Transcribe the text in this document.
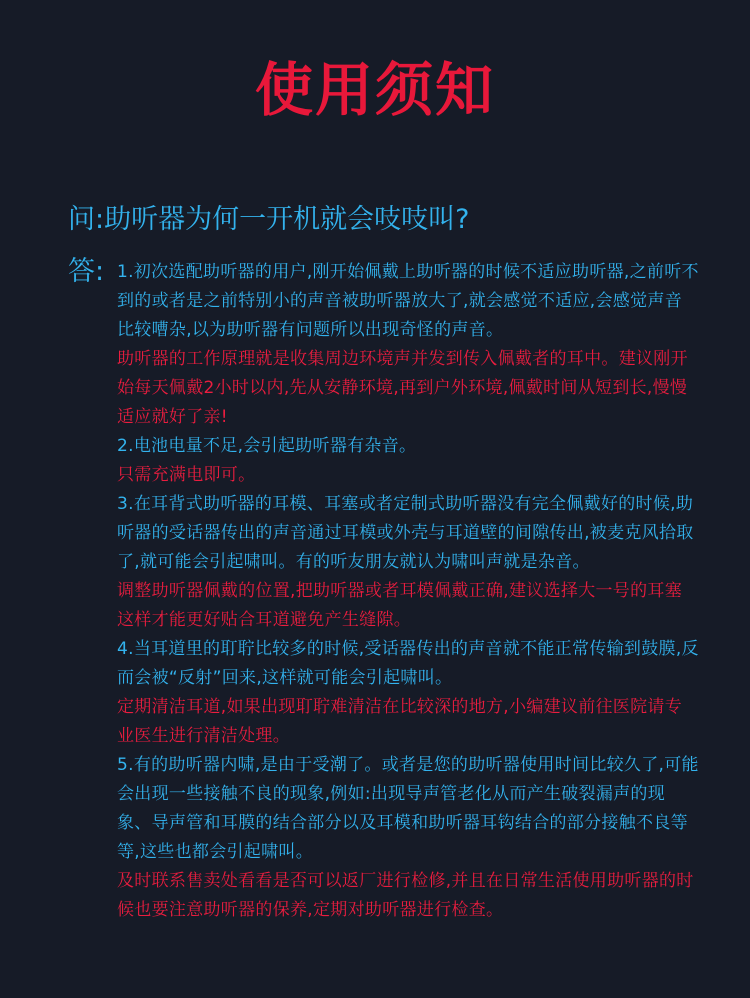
使用须知
问:助听器为何一开机就会吱吱叫?
答: 1.初次选配助听器的用户,刚开始佩戴上助听器的时候不适应助听器,之前听不到的或者是之前特别小的声音被助听器放大了,就会感觉不适应,会感觉声音比较嘈杂,以为助听器有问题所以出现奇怪的声音。

助听器的工作原理就是收集周边环境声并发到传入佩戴者的耳中。建议刚开始每天佩戴2小时以内,先从安静环境,再到户外环境,佩戴时间从短到长,慢慢适应就好了亲!

2.电池电量不足,会引起助听器有杂音。

只需充满电即可。

3.在耳背式助听器的耳模、耳塞或者定制式助听器没有完全佩戴好的时候,助听器的受话器传出的声音通过耳模或外壳与耳道壁的间隙传出,被麦克风拾取了,就可能会引起啸叫。有的听友朋友就认为啸叫声就是杂音。

调整助听器佩戴的位置,把助听器或者耳模佩戴正确,建议选择大一号的耳塞这样才能更好贴合耳道避免产生缝隙。

4.当耳道里的耵聍比较多的时候,受话器传出的声音就不能正常传输到鼓膜,反而会被“反射”回来,这样就可能会引起啸叫。

定期清洁耳道,如果出现耵聍难清洁在比较深的地方,小编建议前往医院请专业医生进行清洁处理。

5.有的助听器内啸,是由于受潮了。或者是您的助听器使用时间比较久了,可能会出现一些接触不良的现象,例如:出现导声管老化从而产生破裂漏声的现象、导声管和耳膜的结合部分以及耳模和助听器耳钩结合的部分接触不良等等,这些也都会引起啸叫。

及时联系售卖处看看是否可以返厂进行检修,并且在日常生活使用助听器的时候也要注意助听器的保养,定期对助听器进行检查。
